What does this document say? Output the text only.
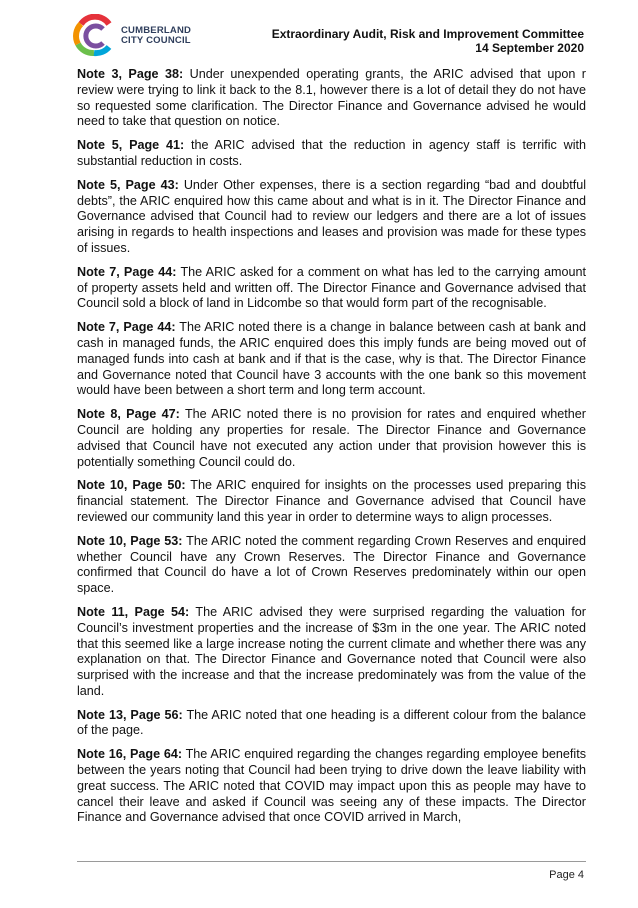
CUMBERLAND
CITY COUNCIL	Extraordinary Audit, Risk and Improvement Committee
14 September 2020

Note 3, Page 38: Under unexpended operating grants, the ARIC advised that upon r review were trying to link it back to the 8.1, however there is a lot of detail they do not have so requested some clarification. The Director Finance and Governance advised he would need to take that question on notice.

Note 5, Page 41: the ARIC advised that the reduction in agency staff is terrific with substantial reduction in costs.

Note 5, Page 43: Under Other expenses, there is a section regarding “bad and doubtful debts”, the ARIC enquired how this came about and what is in it. The Director Finance and Governance advised that Council had to review our ledgers and there are a lot of issues arising in regards to health inspections and leases and provision was made for these types of issues.

Note 7, Page 44: The ARIC asked for a comment on what has led to the carrying amount of property assets held and written off. The Director Finance and Governance advised that Council sold a block of land in Lidcombe so that would form part of the recognisable.

Note 7, Page 44: The ARIC noted there is a change in balance between cash at bank and cash in managed funds, the ARIC enquired does this imply funds are being moved out of managed funds into cash at bank and if that is the case, why is that. The Director Finance and Governance noted that Council have 3 accounts with the one bank so this movement would have been between a short term and long term account.

Note 8, Page 47: The ARIC noted there is no provision for rates and enquired whether Council are holding any properties for resale. The Director Finance and Governance advised that Council have not executed any action under that provision however this is potentially something Council could do.

Note 10, Page 50: The ARIC enquired for insights on the processes used preparing this financial statement. The Director Finance and Governance advised that Council have reviewed our community land this year in order to determine ways to align processes.

Note 10, Page 53: The ARIC noted the comment regarding Crown Reserves and enquired whether Council have any Crown Reserves. The Director Finance and Governance confirmed that Council do have a lot of Crown Reserves predominately within our open space.

Note 11, Page 54: The ARIC advised they were surprised regarding the valuation for Council’s investment properties and the increase of $3m in the one year. The ARIC noted that this seemed like a large increase noting the current climate and whether there was any explanation on that. The Director Finance and Governance noted that Council were also surprised with the increase and that the increase predominately was from the value of the land.

Note 13, Page 56: The ARIC noted that one heading is a different colour from the balance of the page.

Note 16, Page 64: The ARIC enquired regarding the changes regarding employee benefits between the years noting that Council had been trying to drive down the leave liability with great success. The ARIC noted that COVID may impact upon this as people may have to cancel their leave and asked if Council was seeing any of these impacts. The Director Finance and Governance advised that once COVID arrived in March,

Page 4
